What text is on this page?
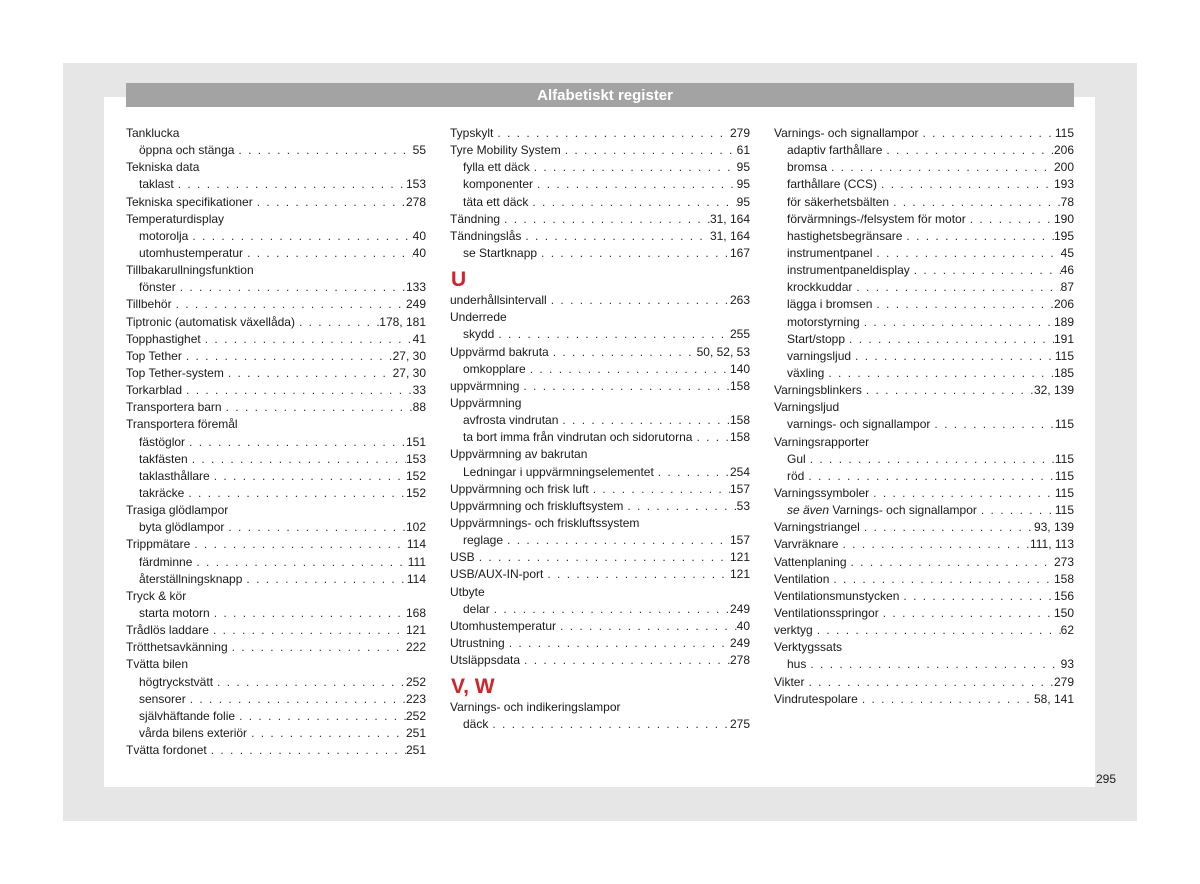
Alfabetiskt register
Tanklucka
öppna och stänga . . .	55
Tekniska data
taklast . . .	153
Tekniska specifikationer . . .	278
Temperaturdisplay
motorolja . . .	40
utomhustemperatur . . .	40
Tillbakarullningsfunktion
fönster . . .	133
Tillbehör . . .	249
Tiptronic (automatisk växellåda) . . .	178, 181
Topphastighet . . .	41
Top Tether . . .	27, 30
Top Tether-system . . .	27, 30
Torkarblad . . .	33
Transportera barn . . .	88
Transportera föremål
fästöglor . . .	151
takfästen . . .	153
taklasthållare . . .	152
takräcke . . .	152
Trasiga glödlampor
byta glödlampor . . .	102
Trippmätare . . .	114
färdminne . . .	111
återställningsknapp . . .	114
Tryck & kör
starta motorn . . .	168
Trådlös laddare . . .	121
Trötthetsavkänning . . .	222
Tvätta bilen
högtryckstvätt . . .	252
sensorer . . .	223
självhäftande folie . . .	252
vårda bilens exteriör . . .	251
Tvätta fordonet . . .	251
Typskylt . . .	279
Tyre Mobility System . . .	61
fylla ett däck . . .	95
komponenter . . .	95
täta ett däck . . .	95
Tändning . . .	31, 164
Tändningslås . . .	31, 164
se Startknapp . . .	167
U
underhållsintervall . . .	263
Underrede
skydd . . .	255
Uppvärmd bakruta . . .	50, 52, 53
omkopplare . . .	140
uppvärmning . . .	158
Uppvärmning
avfrosta vindrutan . . .	158
ta bort imma från vindrutan och sidorutorna . . .	158
Uppvärmning av bakrutan
Ledningar i uppvärmningselementet . . .	254
Uppvärmning och frisk luft . . .	157
Uppvärmning och friskluftsystem . . .	53
Uppvärmnings- och friskluftssystem
reglage . . .	157
USB . . .	121
USB/AUX-IN-port . . .	121
Utbyte
delar . . .	249
Utomhustemperatur . . .	40
Utrustning . . .	249
Utsläppsdata . . .	278
V, W
Varnings- och indikeringslampor
däck . . .	275
Varnings- och signallampor . . .	115
adaptiv farthållare . . .	206
bromsa . . .	200
farthållare (CCS) . . .	193
för säkerhetsbälten . . .	78
förvärmnings-/felsystem för motor . . .	190
hastighetsbegränsare . . .	195
instrumentpanel . . .	45
instrumentpaneldisplay . . .	46
krockkuddar . . .	87
lägga i bromsen . . .	206
motorstyrning . . .	189
Start/stopp . . .	191
varningsljud . . .	115
växling . . .	185
Varningsblinkers . . .	32, 139
Varningsljud
varnings- och signallampor . . .	115
Varningsrapporter
Gul . . .	115
röd . . .	115
Varningssymboler . . .	115
se även
Varnings- och signallampor . . .	115
Varningstriangel . . .	93, 139
Varvräknare . . .	111, 113
Vattenplaning . . .	273
Ventilation . . .	158
Ventilationsmunstycken . . .	156
Ventilationsspringor . . .	150
verktyg . . .	62
Verktygssats
hus . . .	93
Vikter . . .	279
Vindrutespolare . . .	58, 141
295
